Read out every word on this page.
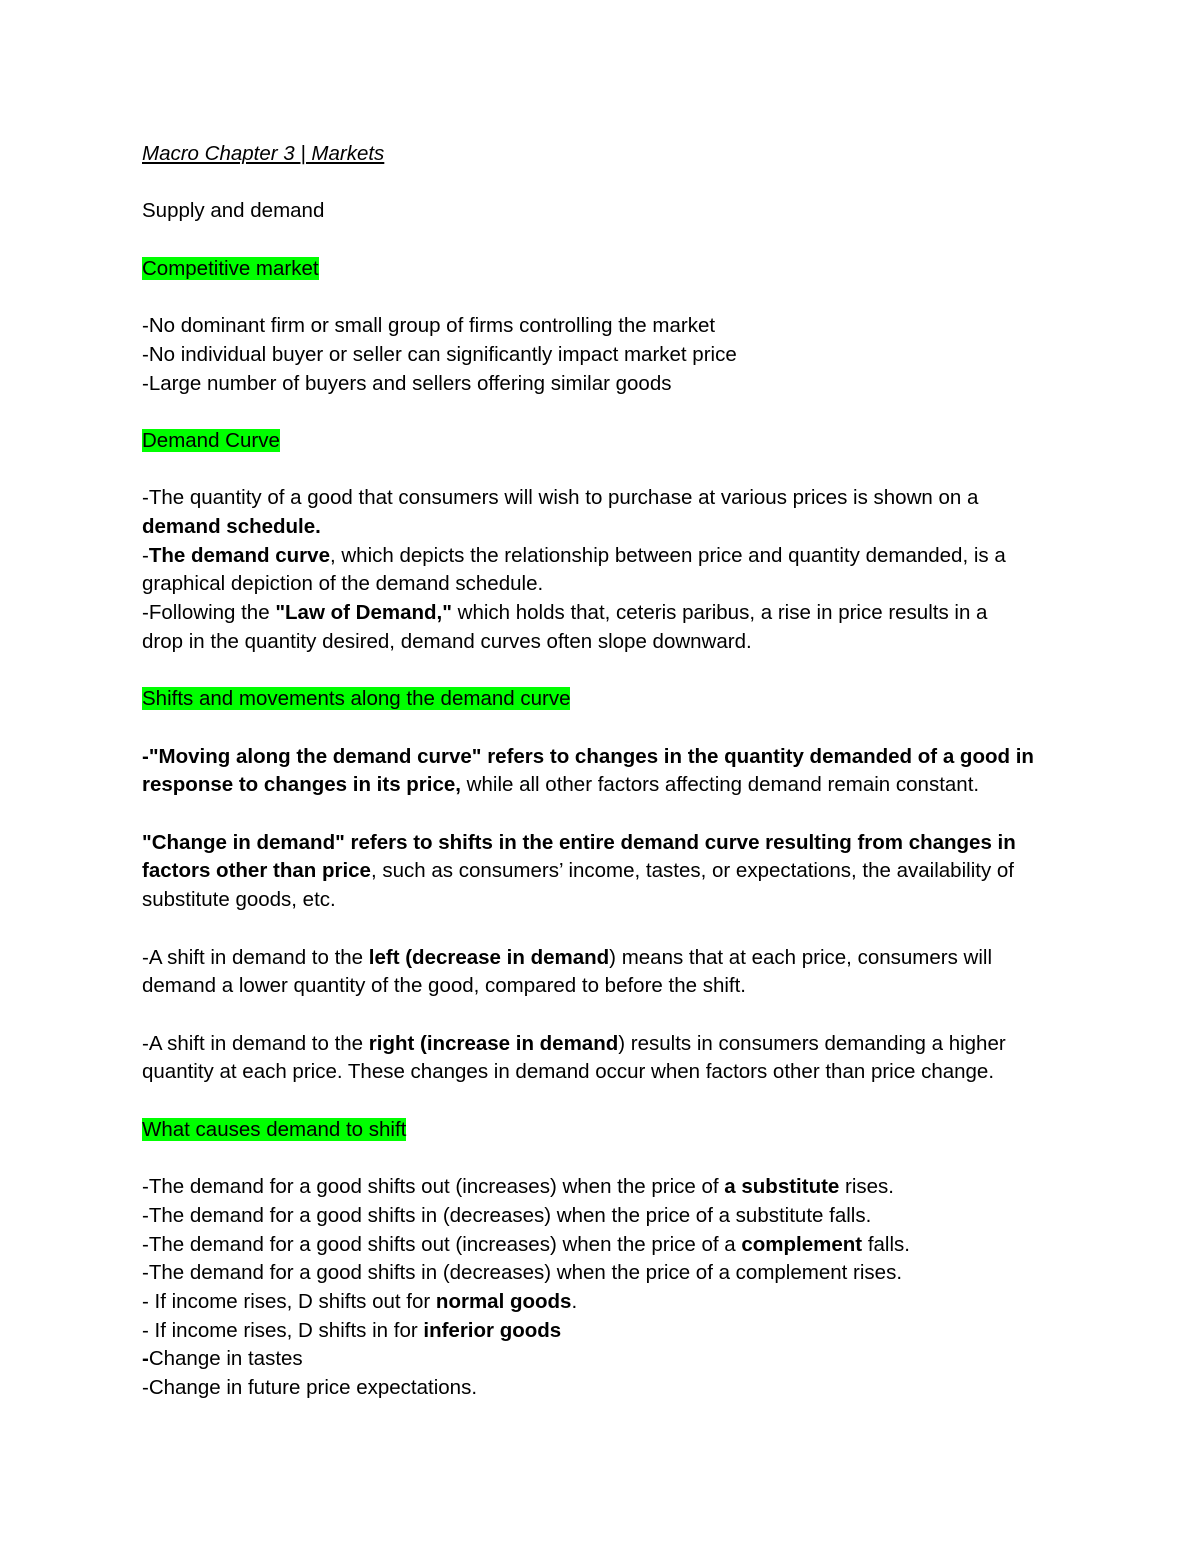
Macro Chapter 3 | Markets

Supply and demand

Competitive market

-No dominant firm or small group of firms controlling the market

-No individual buyer or seller can significantly impact market price

-Large number of buyers and sellers offering similar goods

Demand Curve

-The quantity of a good that consumers will wish to purchase at various prices is shown on a

demand schedule.

-The demand curve, which depicts the relationship between price and quantity demanded, is a

graphical depiction of the demand schedule.

-Following the "Law of Demand," which holds that, ceteris paribus, a rise in price results in a

drop in the quantity desired, demand curves often slope downward.

Shifts and movements along the demand curve

-"Moving along the demand curve" refers to changes in the quantity demanded of a good in

response to changes in its price, while all other factors affecting demand remain constant.

"Change in demand" refers to shifts in the entire demand curve resulting from changes in

factors other than price, such as consumers’ income, tastes, or expectations, the availability of

substitute goods, etc.

-A shift in demand to the left (decrease in demand) means that at each price, consumers will

demand a lower quantity of the good, compared to before the shift.

-A shift in demand to the right (increase in demand) results in consumers demanding a higher

quantity at each price. These changes in demand occur when factors other than price change.

What causes demand to shift

-The demand for a good shifts out (increases) when the price of a substitute rises.

-The demand for a good shifts in (decreases) when the price of a substitute falls.

-The demand for a good shifts out (increases) when the price of a complement falls.

-The demand for a good shifts in (decreases) when the price of a complement rises.

- If income rises, D shifts out for normal goods.

- If income rises, D shifts in for inferior goods

-Change in tastes

-Change in future price expectations.
